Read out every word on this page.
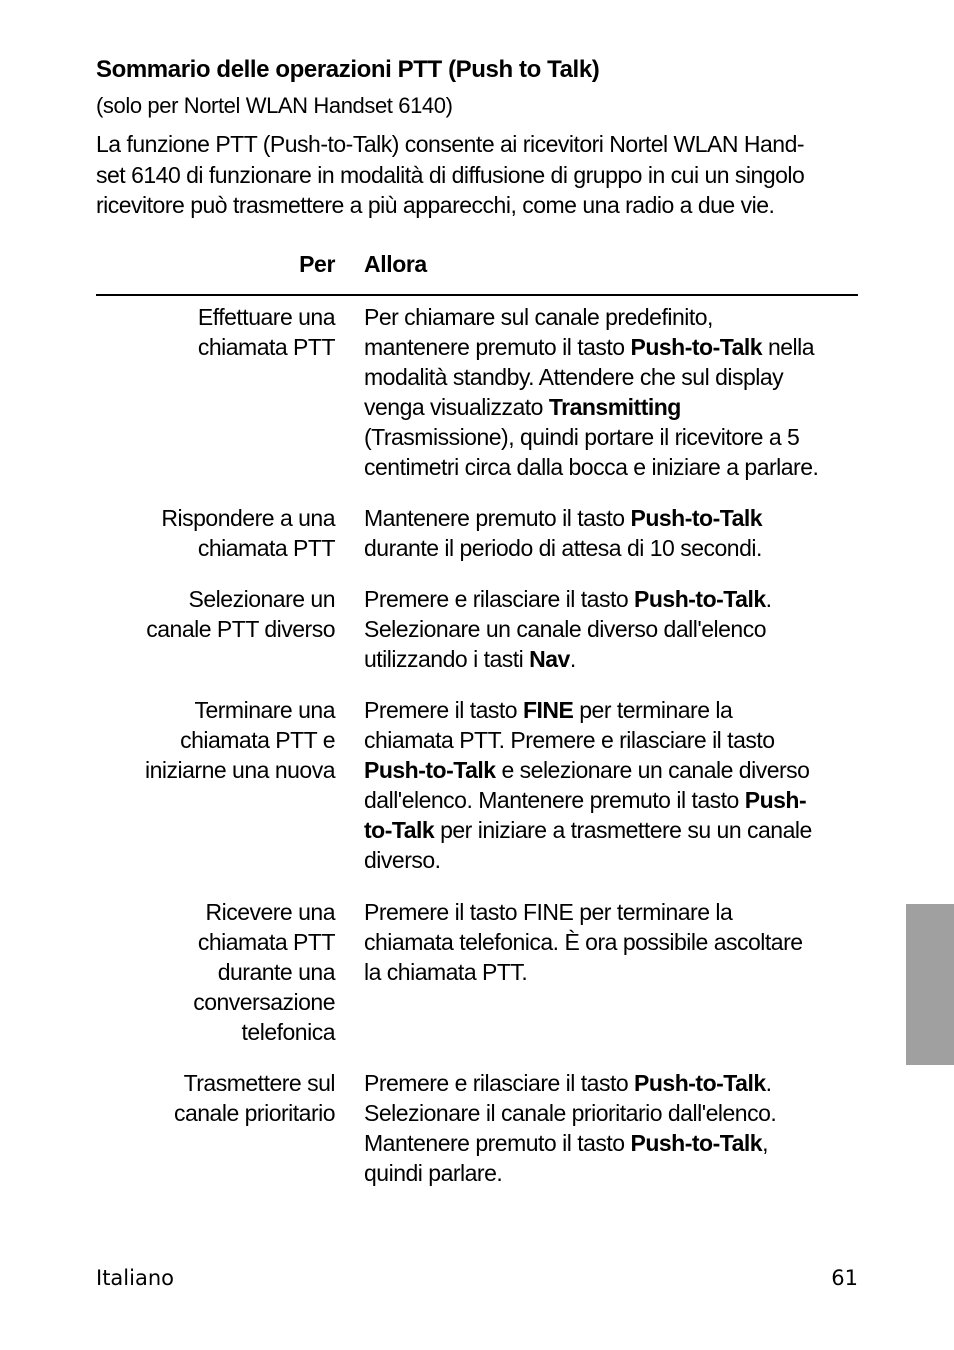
Sommario delle operazioni PTT (Push to Talk)
(solo per Nortel WLAN Handset 6140)
La funzione PTT (Push-to-Talk) consente ai ricevitori Nortel WLAN Hand-
set 6140 di funzionare in modalità di diffusione di gruppo in cui un singolo
ricevitore può trasmettere a più apparecchi, come una radio a due vie.
Per Allora
Effettuare una
chiamata PTT
Per chiamare sul canale predefinito,
mantenere premuto il tasto Push-to-Talk nella
modalità standby. Attendere che sul display
venga visualizzato Transmitting
(Trasmissione), quindi portare il ricevitore a 5
centimetri circa dalla bocca e iniziare a parlare.
Rispondere a una
chiamata PTT
Mantenere premuto il tasto Push-to-Talk
durante il periodo di attesa di 10 secondi.
Selezionare un
canale PTT diverso
Premere e rilasciare il tasto Push-to-Talk.
Selezionare un canale diverso dall'elenco
utilizzando i tasti Nav.
Terminare una
chiamata PTT e
iniziarne una nuova
Premere il tasto FINE per terminare la
chiamata PTT. Premere e rilasciare il tasto
Push-to-Talk e selezionare un canale diverso
dall'elenco. Mantenere premuto il tasto Push-
to-Talk per iniziare a trasmettere su un canale
diverso.
Ricevere una
chiamata PTT
durante una
conversazione
telefonica
Premere il tasto FINE per terminare la
chiamata telefonica. È ora possibile ascoltare
la chiamata PTT.
Trasmettere sul
canale prioritario
Premere e rilasciare il tasto Push-to-Talk.
Selezionare il canale prioritario dall'elenco.
Mantenere premuto il tasto Push-to-Talk,
quindi parlare.
Italiano	61
